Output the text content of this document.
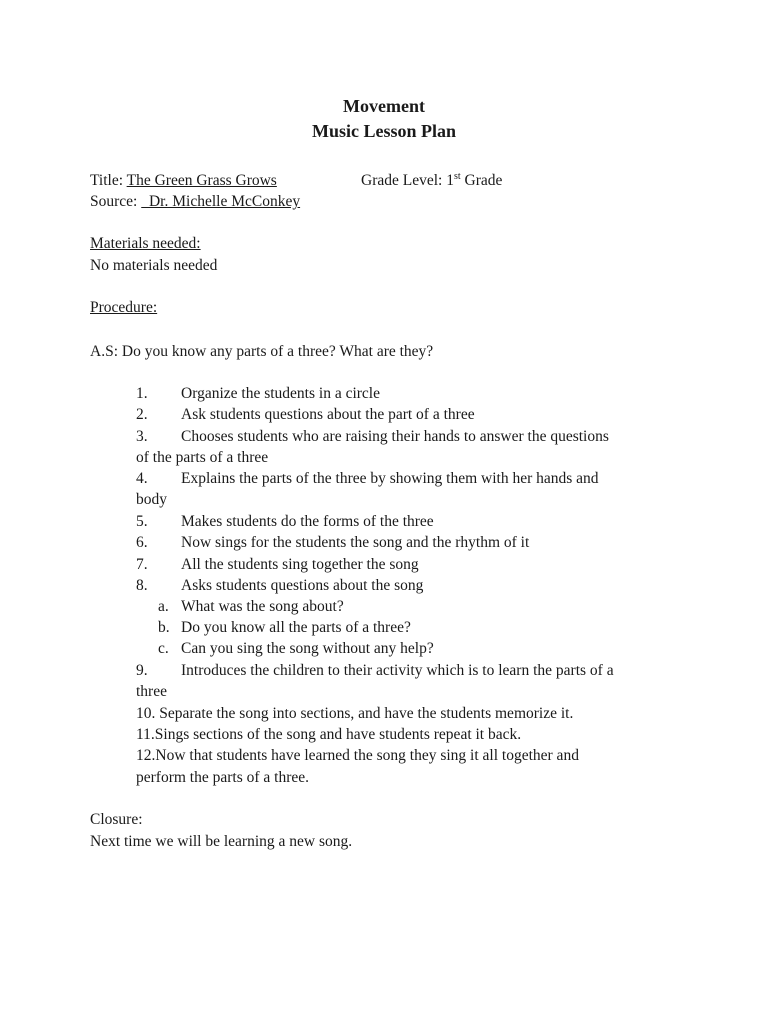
Movement
Music Lesson Plan
Title: The Green Grass Grows	Grade Level: 1st Grade
Source:   Dr. Michelle McConkey
Materials needed:
No materials needed
Procedure:
A.S: Do you know any parts of a three? What are they?
1. Organize the students in a circle
2. Ask students questions about the part of a three
3. Chooses students who are raising their hands to answer the questions
of the parts of a three
4. Explains the parts of the three by showing them with her hands and
body
5. Makes students do the forms of the three
6. Now sings for the students the song and the rhythm of it
7. All the students sing together the song
8. Asks students questions about the song
a. What was the song about?
b. Do you know all the parts of a three?
c. Can you sing the song without any help?
9. Introduces the children to their activity which is to learn the parts of a
three
10. Separate the song into sections, and have the students memorize it.
11.Sings sections of the song and have students repeat it back.
12.Now that students have learned the song they sing it all together and
perform the parts of a three.
Closure:
Next time we will be learning a new song.
